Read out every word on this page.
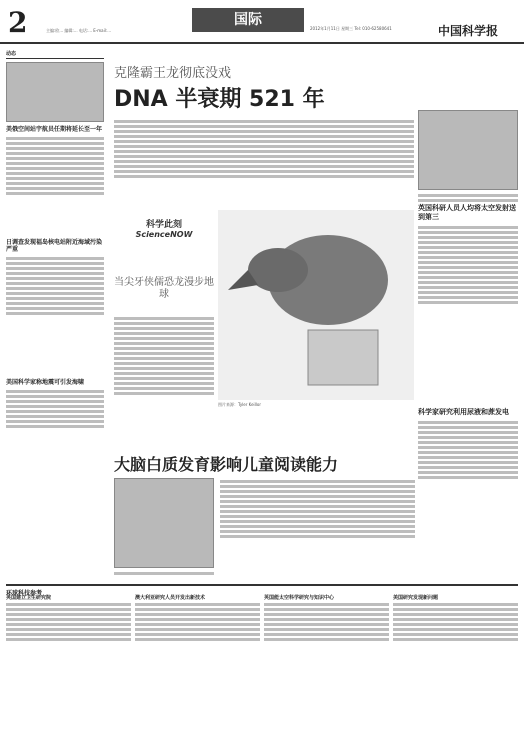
2	主编:欧... 编辑:... 电话:... E-mail:...
国际
2012年1月11日 星期三 Tel: 010-62580641	中国科学报
动态
美俄空间站宇航员任期将延长至一年
日调查发现福岛核电站附近海域污染严重
美国科学家称地震可引发海啸
克隆霸王龙彻底没戏
DNA 半衰期 521 年
科学此刻
ScienceNOW
当尖牙侠儒恐龙漫步地球
图片来源：Tyler Keillor
英国科研人员人均将太空发射送到第三
科学家研究利用尿液和蔗发电
大脑白质发育影响儿童阅读能力
环球科技参考
英国建立卫生研究院	澳大利亚研究人员开发出新技术	英国能太空科学研究与知识中心	美国研究发现新问题
